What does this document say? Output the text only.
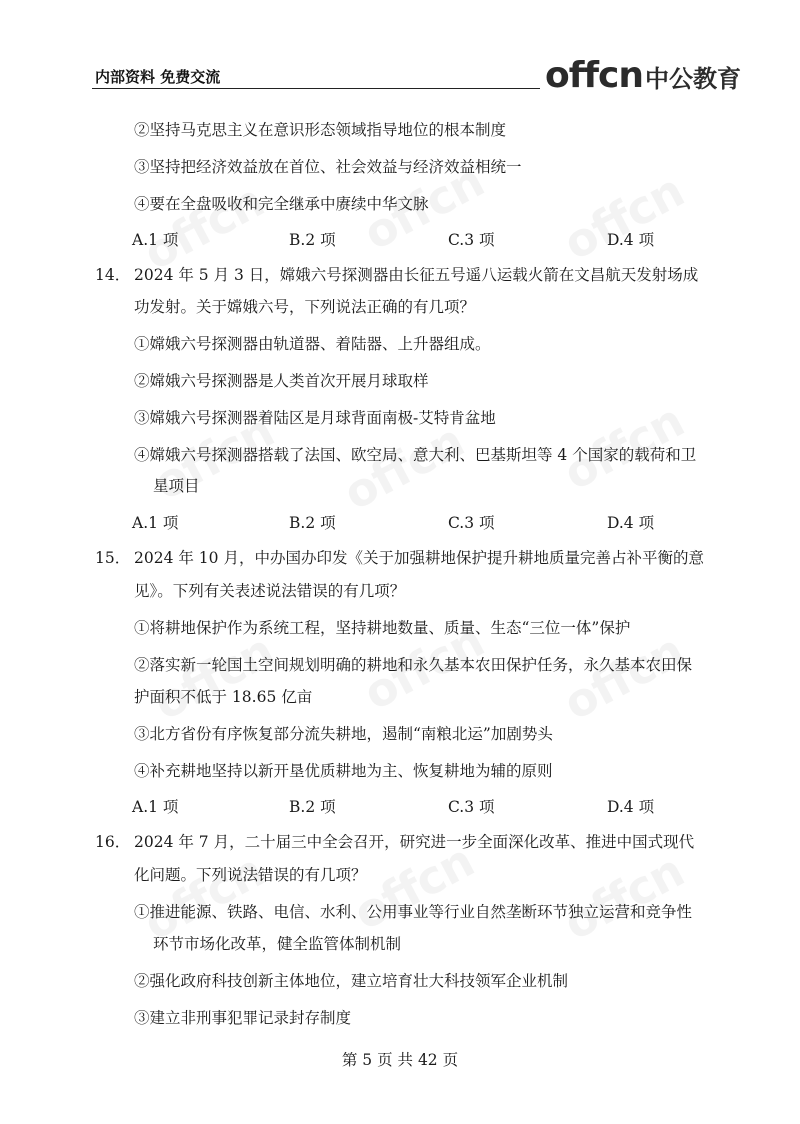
内部资料 免费交流	offcn 中公教育
②坚持马克思主义在意识形态领域指导地位的根本制度
③坚持把经济效益放在首位、社会效益与经济效益相统一
④要在全盘吸收和完全继承中赓续中华文脉
A.1 项	B.2 项	C.3 项	D.4 项
14． 2024 年 5 月 3 日，嫦娥六号探测器由长征五号遥八运载火箭在文昌航天发射场成
功发射。关于嫦娥六号，下列说法正确的有几项？
①嫦娥六号探测器由轨道器、着陆器、上升器组成。
②嫦娥六号探测器是人类首次开展月球取样
③嫦娥六号探测器着陆区是月球背面南极-艾特肯盆地
④嫦娥六号探测器搭载了法国、欧空局、意大利、巴基斯坦等 4 个国家的载荷和卫
星项目
A.1 项	B.2 项	C.3 项	D.4 项
15． 2024 年 10 月，中办国办印发《关于加强耕地保护提升耕地质量完善占补平衡的意
见》。下列有关表述说法错误的有几项？
①将耕地保护作为系统工程，坚持耕地数量、质量、生态“三位一体”保护
②落实新一轮国土空间规划明确的耕地和永久基本农田保护任务，永久基本农田保
护面积不低于 18.65 亿亩
③北方省份有序恢复部分流失耕地，遏制“南粮北运”加剧势头
④补充耕地坚持以新开垦优质耕地为主、恢复耕地为辅的原则
A.1 项	B.2 项	C.3 项	D.4 项
16． 2024 年 7 月，二十届三中全会召开，研究进一步全面深化改革、推进中国式现代
化问题。下列说法错误的有几项？
①推进能源、铁路、电信、水利、公用事业等行业自然垄断环节独立运营和竞争性
环节市场化改革，健全监管体制机制
②强化政府科技创新主体地位，建立培育壮大科技领军企业机制
③建立非刑事犯罪记录封存制度
第 5 页 共 42 页
